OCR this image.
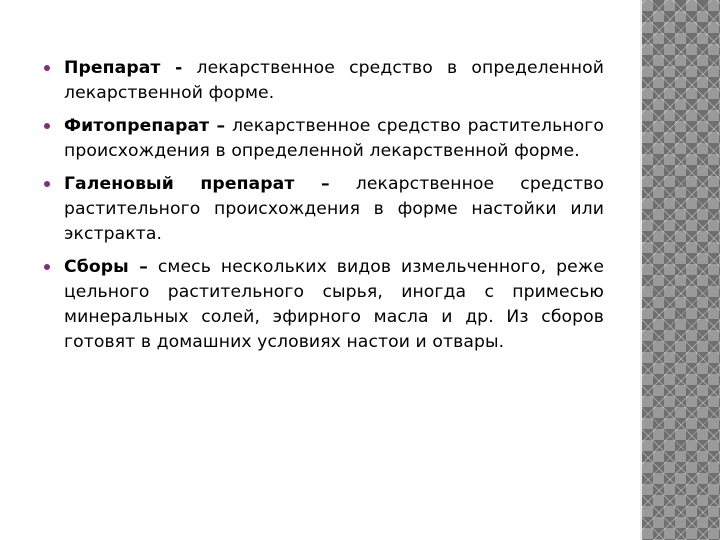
Препарат - лекарственное средство в определенной лекарственной форме.
Фитопрепарат – лекарственное средство растительного происхождения в определенной лекарственной форме.
Галеновый препарат – лекарственное средство растительного происхождения в форме настойки или экстракта.
Сборы – смесь нескольких видов измельченного, реже цельного растительного сырья, иногда с примесью минеральных солей, эфирного масла и др. Из сборов готовят в домашних условиях настои и отвары.
